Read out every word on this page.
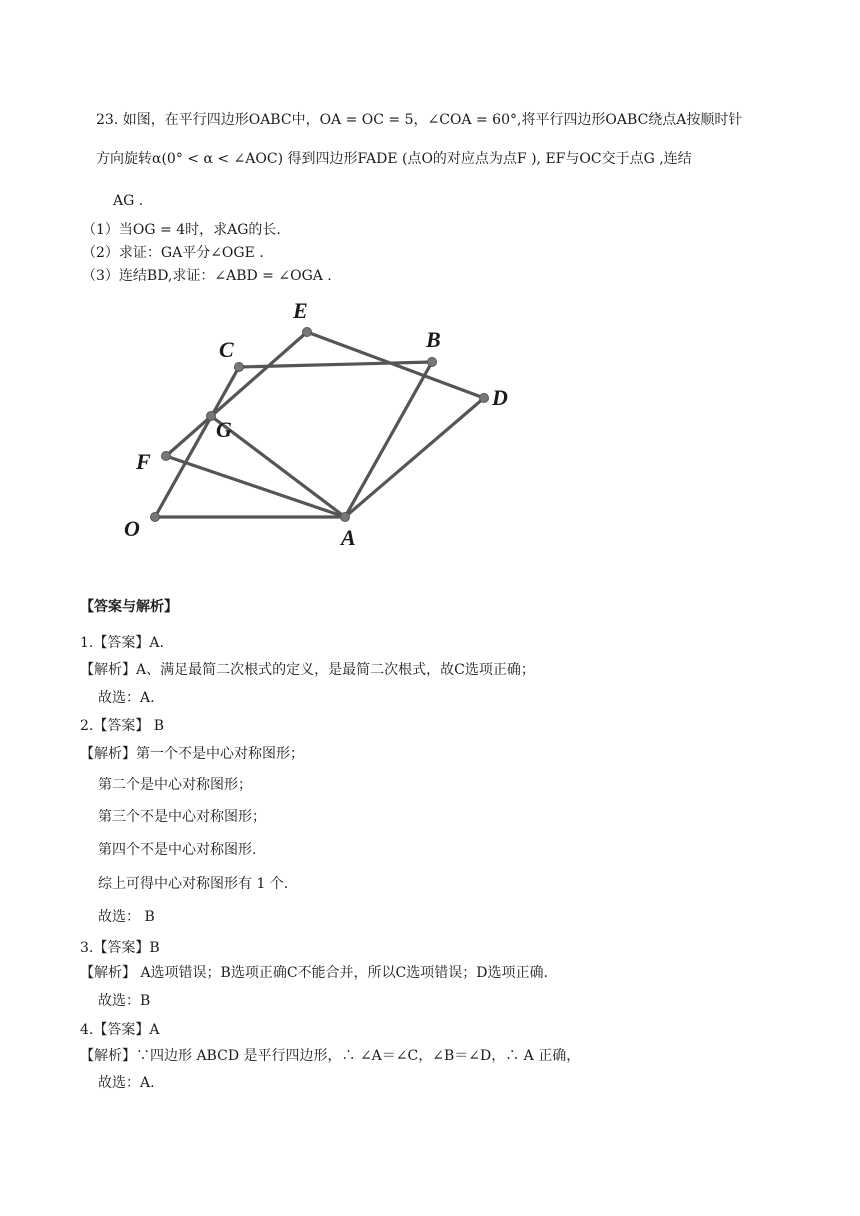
23. 如图，在平行四边形OABC中，OA = OC = 5，∠COA = 60°,将平行四边形OABC绕点A按顺时针
方向旋转α(0° < α < ∠AOC) 得到四边形FADE (点O的对应点为点F ), EF与OC交于点G ,连结
AG .
（1）当OG = 4时，求AG的长.
（2）求证：GA平分∠OGE .
（3）连结BD,求证：∠ABD = ∠OGA .
O	A
B
C
D
E
F
G
【答案与解析】
1.【答案】A.
【解析】A、满足最简二次根式的定义，是最简二次根式，故C选项正确；
故选：A.
2.【答案】 B
【解析】第一个不是中心对称图形；
第二个是中心对称图形；
第三个不是中心对称图形；
第四个不是中心对称图形.
综上可得中心对称图形有 1 个.
故选： B
3.【答案】B
【解析】 A选项错误；B选项正确C不能合并，所以C选项错误；D选项正确.
故选：B
4.【答案】A
【解析】∵四边形 ABCD 是平行四边形，∴ ∠A＝∠C，∠B＝∠D，∴ A 正确，
故选：A.
